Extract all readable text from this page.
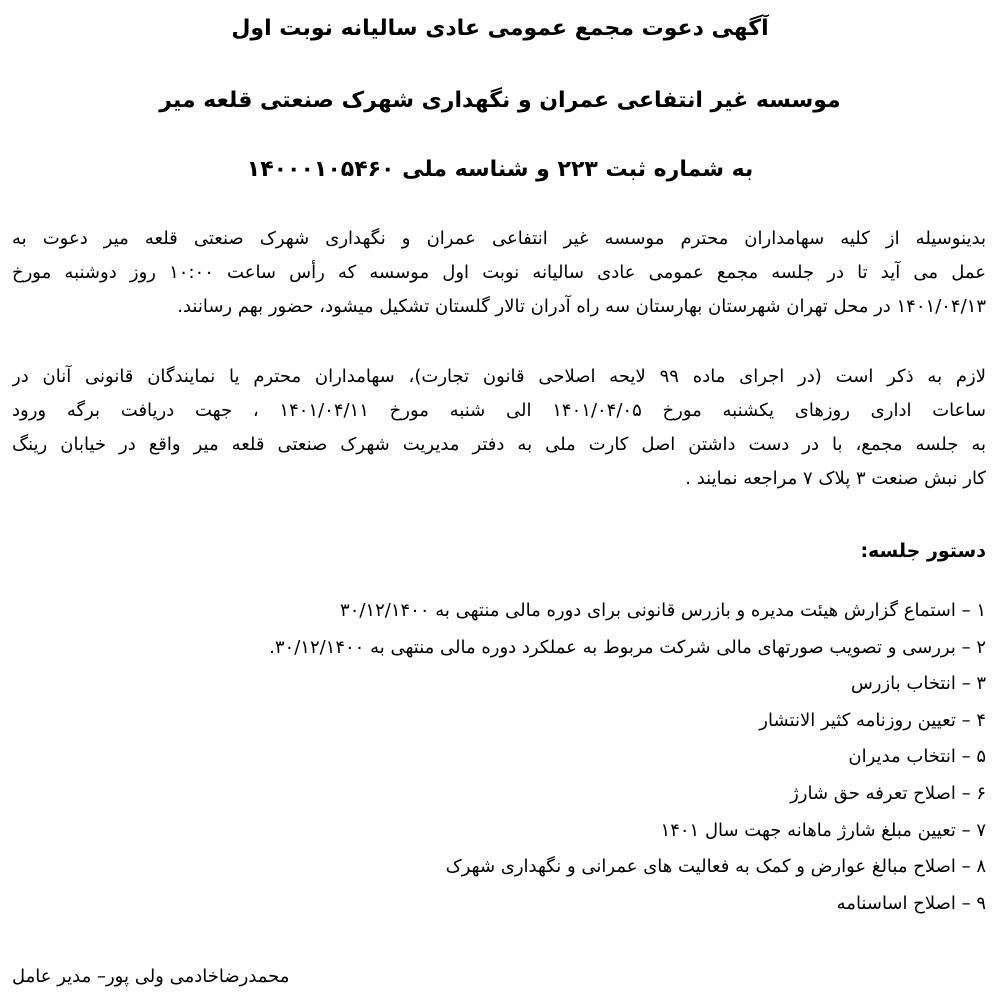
آگهی دعوت مجمع عمومی عادی سالیانه نوبت اول
موسسه غیر انتفاعی عمران و نگهداری شهرک صنعتی قلعه میر
به شماره ثبت ۲۲۳ و شناسه ملی ۱۴۰۰۰۱۰۵۴۶۰
بدینوسیله از کلیه سهامداران محترم موسسه غیر انتفاعی عمران و نگهداری شهرک صنعتی قلعه میر دعوت به
عمل می آید تا در جلسه مجمع عمومی عادی سالیانه نوبت اول موسسه که رأس ساعت ۱۰:۰۰ روز دوشنبه مورخ
۱۴۰۱/۰۴/۱۳ در محل تهران شهرستان بهارستان سه راه آدران تالار گلستان تشکیل میشود، حضور بهم رسانند.
لازم به ذکر است (در اجرای ماده ۹۹ لایحه اصلاحی قانون تجارت)، سهامداران محترم یا نمایندگان قانونی آنان در
ساعات اداری روزهای یکشنبه مورخ ۱۴۰۱/۰۴/۰۵ الی شنبه مورخ ۱۴۰۱/۰۴/۱۱ ، جهت دریافت برگه ورود
به جلسه مجمع، با در دست داشتن اصل کارت ملی به دفتر مدیریت شهرک صنعتی قلعه میر واقع در خیابان رینگ
کار نبش صنعت ۳ پلاک ۷ مراجعه نمایند .
دستور جلسه:
۱ – استماع گزارش هیئت مدیره و بازرس قانونی برای دوره مالی منتهی به ۳۰/۱۲/۱۴۰۰
۲ – بررسی و تصویب صورتهای مالی شرکت مربوط به عملکرد دوره مالی منتهی به ۳۰/۱۲/۱۴۰۰.
۳ – انتخاب بازرس
۴ – تعیین روزنامه کثیر الانتشار
۵ – انتخاب مدیران
۶ – اصلاح تعرفه حق شارژ
۷ – تعیین مبلغ شارژ ماهانه جهت سال ۱۴۰۱
۸ – اصلاح مبالغ عوارض و کمک به فعالیت های عمرانی و نگهداری شهرک
۹ – اصلاح اساسنامه
محمدرضاخادمی ولی پور– مدیر عامل
